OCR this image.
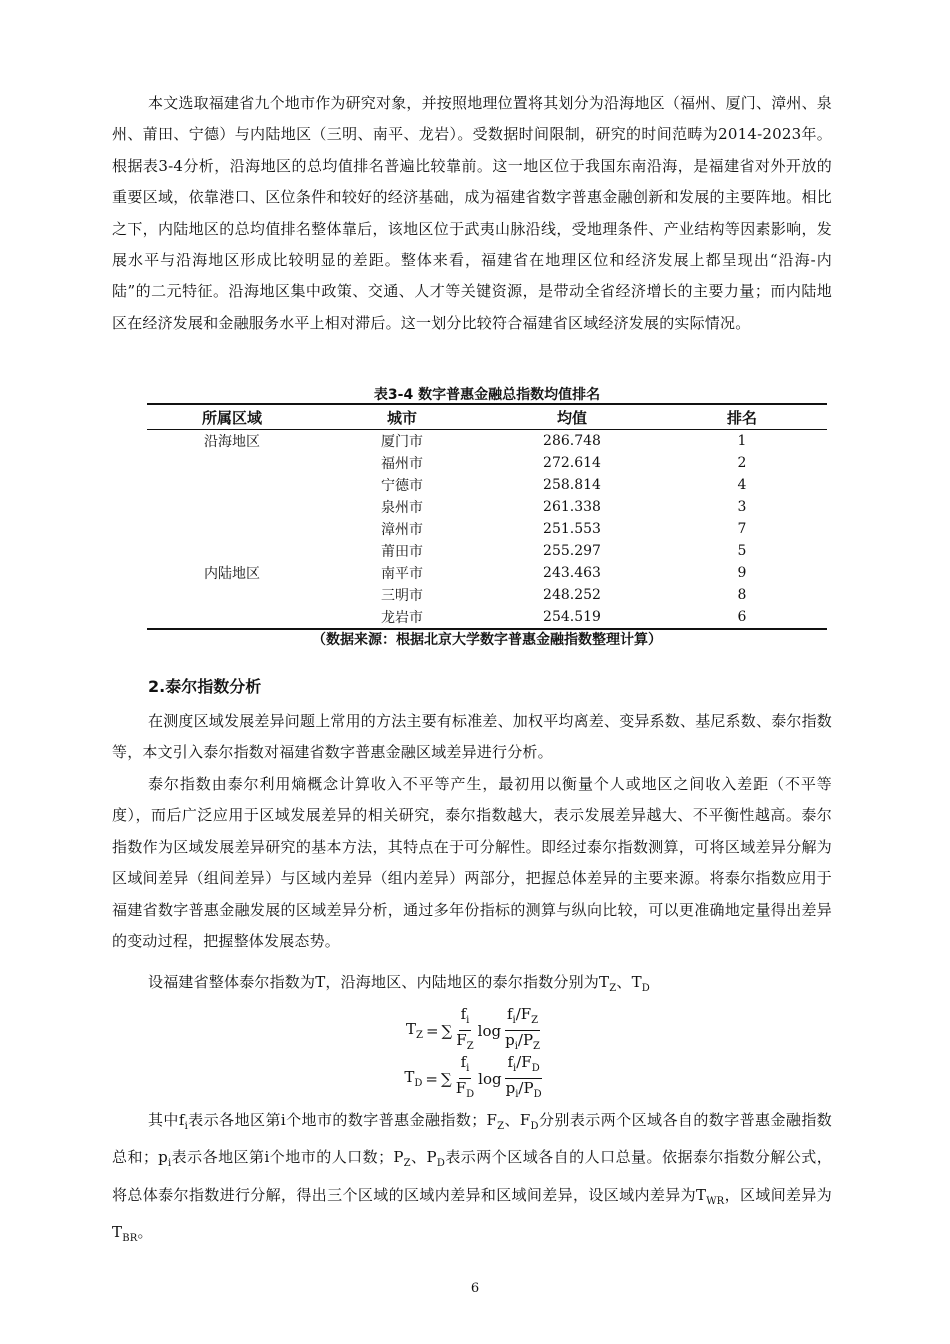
本文选取福建省九个地市作为研究对象，并按照地理位置将其划分为沿海地区（福州、厦门、漳州、泉州、莆田、宁德）与内陆地区（三明、南平、龙岩）。受数据时间限制，研究的时间范畴为2014-2023年。根据表3-4分析，沿海地区的总均值排名普遍比较靠前。这一地区位于我国东南沿海，是福建省对外开放的重要区域，依靠港口、区位条件和较好的经济基础，成为福建省数字普惠金融创新和发展的主要阵地。相比之下，内陆地区的总均值排名整体靠后，该地区位于武夷山脉沿线，受地理条件、产业结构等因素影响，发展水平与沿海地区形成比较明显的差距。整体来看，福建省在地理区位和经济发展上都呈现出“沿海-内陆”的二元特征。沿海地区集中政策、交通、人才等关键资源，是带动全省经济增长的主要力量；而内陆地区在经济发展和金融服务水平上相对滞后。这一划分比较符合福建省区域经济发展的实际情况。

表3-4 数字普惠金融总指数均值排名
所属区域	城市	均值	排名
沿海地区	厦门市	286.748	1
	福州市	272.614	2
	宁德市	258.814	4
	泉州市	261.338	3
	漳州市	251.553	7
	莆田市	255.297	5
内陆地区	南平市	243.463	9
	三明市	248.252	8
	龙岩市	254.519	6
（数据来源：根据北京大学数字普惠金融指数整理计算）
2.泰尔指数分析

在测度区域发展差异问题上常用的方法主要有标准差、加权平均离差、变异系数、基尼系数、泰尔指数等，本文引入泰尔指数对福建省数字普惠金融区域差异进行分析。

泰尔指数由泰尔利用熵概念计算收入不平等产生，最初用以衡量个人或地区之间收入差距（不平等度），而后广泛应用于区域发展差异的相关研究，泰尔指数越大，表示发展差异越大、不平衡性越高。泰尔指数作为区域发展差异研究的基本方法，其特点在于可分解性。即经过泰尔指数测算，可将区域差异分解为区域间差异（组间差异）与区域内差异（组内差异）两部分，把握总体差异的主要来源。将泰尔指数应用于福建省数字普惠金融发展的区域差异分析，通过多年份指标的测算与纵向比较，可以更准确地定量得出差异的变动过程，把握整体发展态势。

设福建省整体泰尔指数为T，沿海地区、内陆地区的泰尔指数分别为$T_Z$、$T_D$

$T_Z$ = ∑ $\frac{f_i}{F_Z}$ $\log \frac{f_i/F_Z}{p_i/P_Z}$
$T_D$ = ∑ $\frac{f_i}{F_D}$ $\log \frac{f_i/F_D}{p_i/P_D}$

其中$f_i$表示各地区第i个地市的数字普惠金融指数；$F_Z$、$F_D$分别表示两个区域各自的数字普惠金融指数总和；$p_i$表示各地区第i个地市的人口数；$P_Z$、$P_D$表示两个区域各自的人口总量。依据泰尔指数分解公式，将总体泰尔指数进行分解，得出三个区域的区域内差异和区域间差异，设区域内差异为$T_{WR}$，区域间差异为$T_{BR}$。

6
